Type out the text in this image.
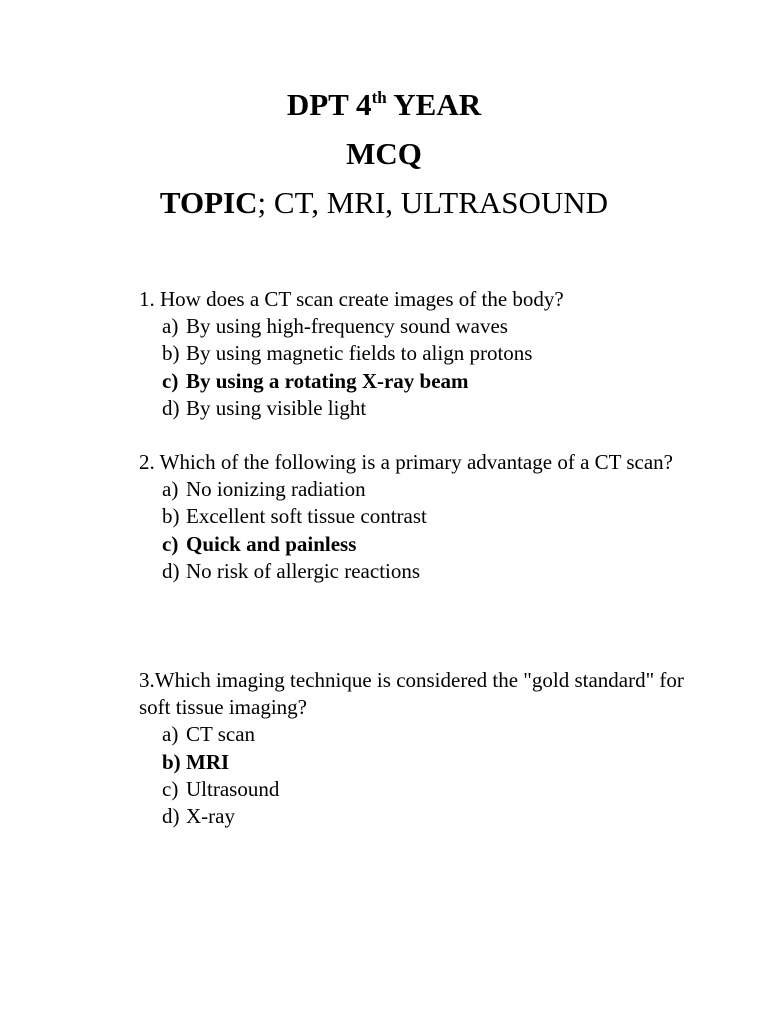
DPT 4th YEAR
MCQ
TOPIC; CT, MRI, ULTRASOUND

1. How does a CT scan create images of the body?

a) By using high-frequency sound waves
b) By using magnetic fields to align protons
c) By using a rotating X-ray beam
d) By using visible light

2. Which of the following is a primary advantage of a CT scan?

a) No ionizing radiation
b) Excellent soft tissue contrast
c) Quick and painless
d) No risk of allergic reactions

3.Which imaging technique is considered the "gold standard" for soft tissue imaging?

a) CT scan
b) MRI
c) Ultrasound
d) X-ray
